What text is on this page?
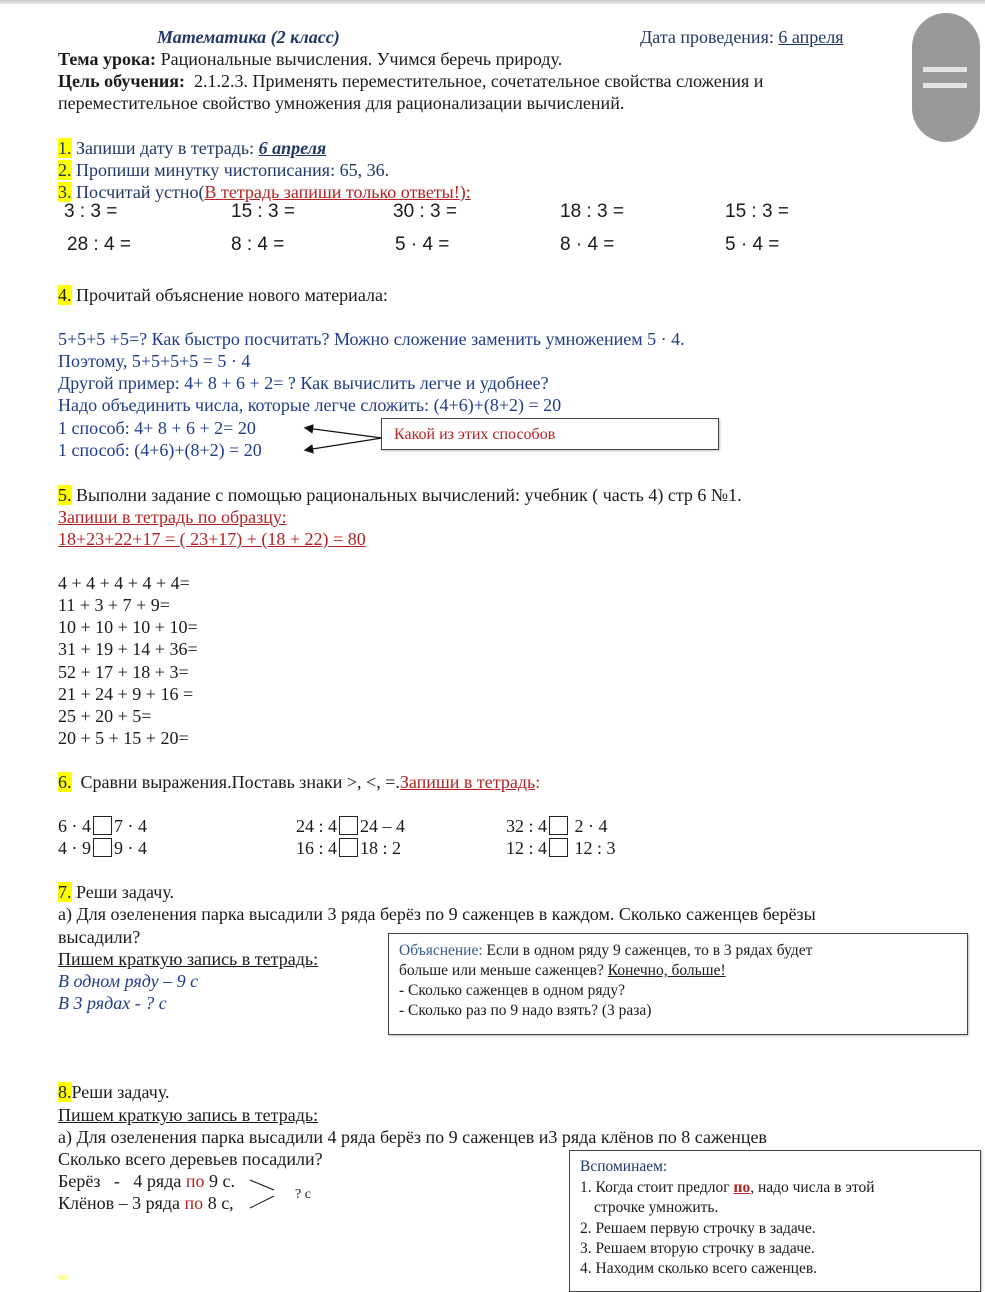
Математика (2 класс)	Дата проведения: 6 апреля
Тема урока: Рациональные вычисления. Учимся беречь природу.
Цель обучения: 2.1.2.3. Применять переместительное, сочетательное свойства сложения и
переместительное свойство умножения для рационализации вычислений.
1. Запиши дату в тетрадь: 6 апреля
2. Пропиши минутку чистописания: 65, 36.
3. Посчитай устно(В тетрадь запиши только ответы!):
3 : 3 =	15 : 3 =	30 : 3 =	18 : 3 =	15 : 3 =
28 : 4 =	8 : 4 =	5 · 4 =	8 · 4 =	5 · 4 =
4. Прочитай объяснение нового материала:
5+5+5 +5=? Как быстро посчитать? Можно сложение заменить умножением 5 · 4.
Поэтому, 5+5+5+5 = 5 · 4
Другой пример: 4+ 8 + 6 + 2= ? Как вычислить легче и удобнее?
Надо объединить числа, которые легче сложить: (4+6)+(8+2) = 20
1 способ: 4+ 8 + 6 + 2= 20
1 способ: (4+6)+(8+2) = 20
Какой из этих способов
5. Выполни задание с помощью рациональных вычислений: учебник ( часть 4) стр 6 №1.
Запиши в тетрадь по образцу:
18+23+22+17 = ( 23+17) + (18 + 22) = 80
4 + 4 + 4 + 4 + 4=
11 + 3 + 7 + 9=
10 + 10 + 10 + 10=
31 + 19 + 14 + 36=
52 + 17 + 18 + 3=
21 + 24 + 9 + 16 =
25 + 20 + 5=
20 + 5 + 15 + 20=
6. Сравни выражения.Поставь знаки >, <, =.Запиши в тетрадь:
6 · 4 7 · 4
4 · 9 9 · 4
24 : 4 24 – 4
16 : 4 18 : 2
32 : 4 2 · 4
12 : 4 12 : 3
7. Реши задачу.
а) Для озеленения парка высадили 3 ряда берёз по 9 саженцев в каждом. Сколько саженцев берёзы
высадили?
Пишем краткую запись в тетрадь:
В одном ряду – 9 с
В 3 рядах - ? с
Объяснение: Если в одном ряду 9 саженцев, то в 3 рядах будет
больше или меньше саженцев? Конечно, больше!
- Сколько саженцев в одном ряду?
- Сколько раз по 9 надо взять? (3 раза)
8.Реши задачу.
Пишем краткую запись в тетрадь:
а) Для озеленения парка высадили 4 ряда берёз по 9 саженцев и3 ряда клёнов по 8 саженцев
Сколько всего деревьев посадили?
Берёз   -   4 ряда по 9 с.
Клёнов – 3 ряда по 8 с,	? с
Вспоминаем:
1. Когда стоит предлог по, надо числа в этой
строчке умножить.
2. Решаем первую строчку в задаче.
3. Решаем вторую строчку в задаче.
4. Находим сколько всего саженцев.
